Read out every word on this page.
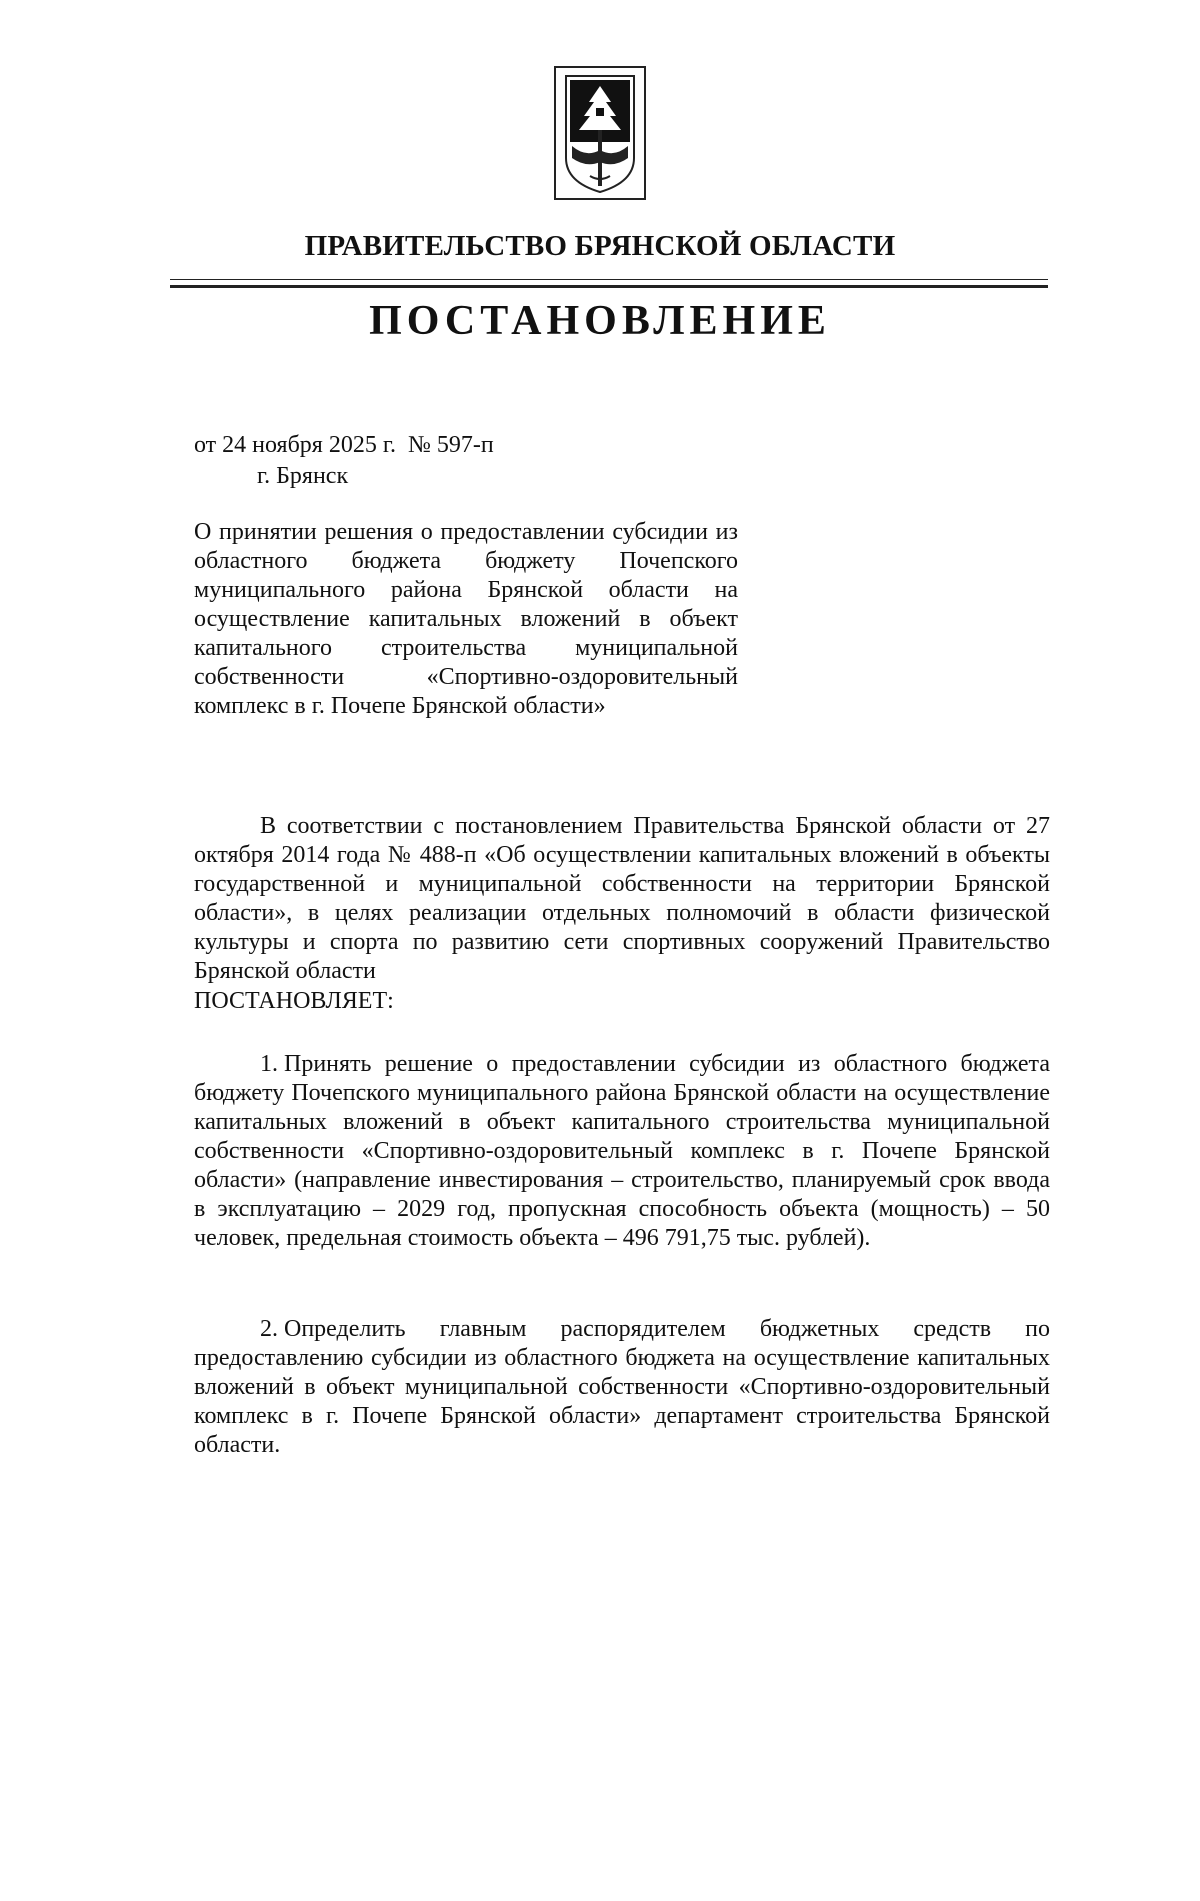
ПРАВИТЕЛЬСТВО БРЯНСКОЙ ОБЛАСТИ
ПОСТАНОВЛЕНИЕ
от 24 ноября 2025 г. № 597-п
г. Брянск
О принятии решения о предоставлении субсидии из областного бюджета бюджету Почепского муниципального района Брянской области на осуществление капитальных вложений в объект капитального строительства муниципальной собственности «Спортивно-оздоровительный комплекс в г. Почепе Брянской области»
В соответствии с постановлением Правительства Брянской области от 27 октября 2014 года № 488-п «Об осуществлении капитальных вложений в объекты государственной и муниципальной собственности на территории Брянской области», в целях реализации отдельных полномочий в области физической культуры и спорта по развитию сети спортивных сооружений Правительство Брянской области
ПОСТАНОВЛЯЕТ:
1. Принять решение о предоставлении субсидии из областного бюджета бюджету Почепского муниципального района Брянской области на осуществление капитальных вложений в объект капитального строительства муниципальной собственности «Спортивно-оздоровительный комплекс в г. Почепе Брянской области» (направление инвестирования – строительство, планируемый срок ввода в эксплуатацию – 2029 год, пропускная способность объекта (мощность) – 50 человек, предельная стоимость объекта – 496 791,75 тыс. рублей).
2. Определить главным распорядителем бюджетных средств по предоставлению субсидии из областного бюджета на осуществление капитальных вложений в объект муниципальной собственности «Спортивно-оздоровительный комплекс в г. Почепе Брянской области» департамент строительства Брянской области.
